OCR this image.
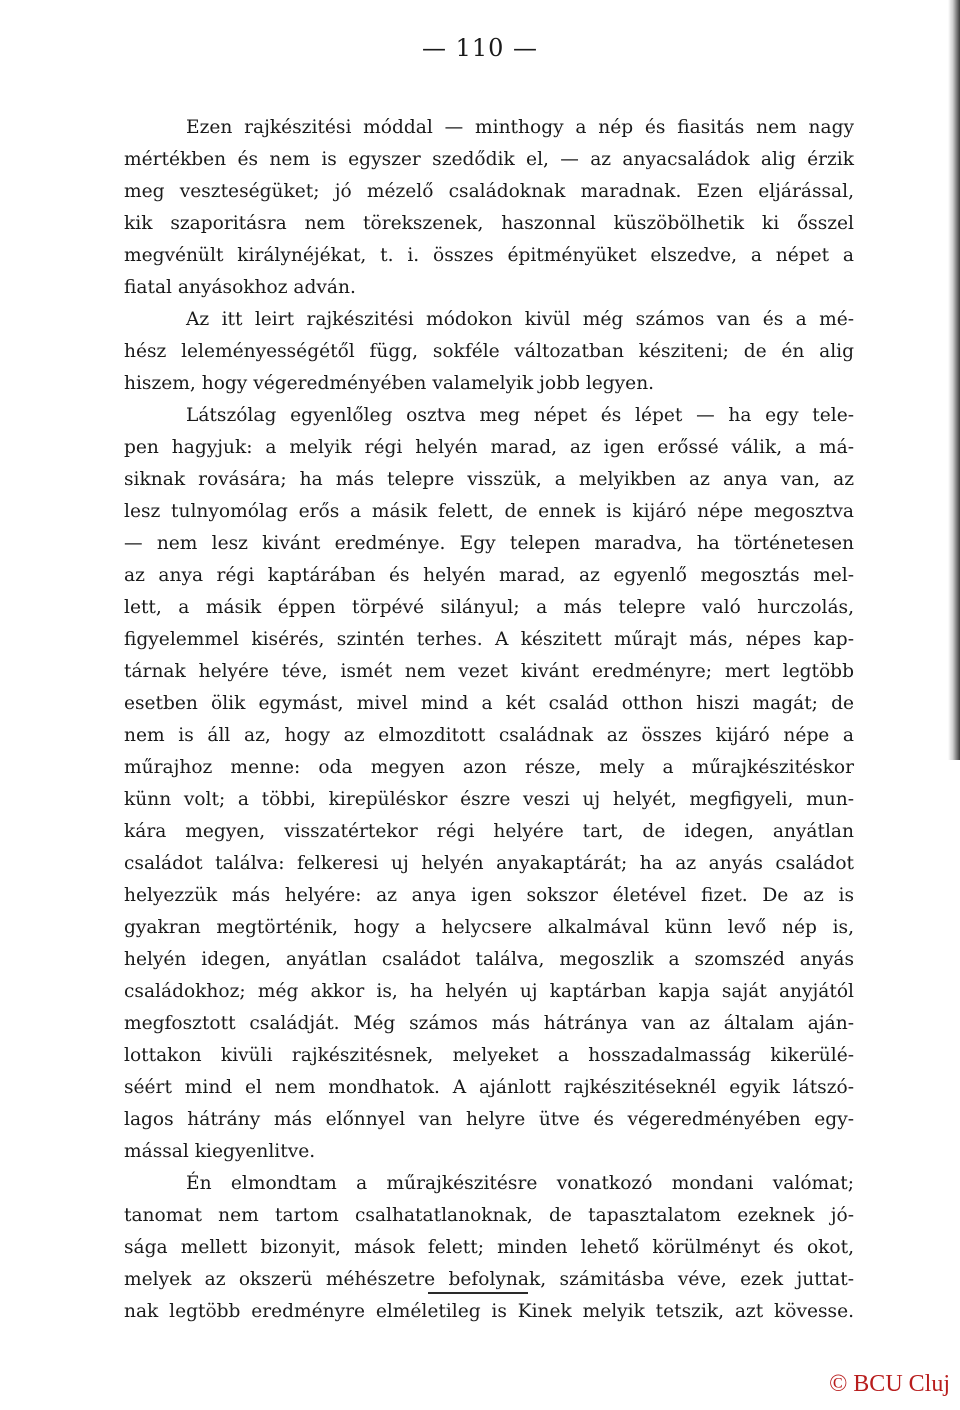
— 110 —
Ezen rajkészitési móddal — minthogy a nép és fiasitás nem nagy
mértékben és nem is egyszer szedődik el, — az anyacsaládok alig érzik
meg veszteségüket; jó mézelő családoknak maradnak. Ezen eljárással,
kik szaporitásra nem törekszenek, haszonnal küszöbölhetik ki ősszel
megvénült királynéjékat, t. i. összes épitményüket elszedve, a népet a
fiatal anyásokhoz adván.
Az itt leirt rajkészitési módokon kivül még számos van és a mé-
hész leleményességétől függ, sokféle változatban késziteni; de én alig
hiszem, hogy végeredményében valamelyik jobb legyen.
Látszólag egyenlőleg osztva meg népet és lépet — ha egy tele-
pen hagyjuk: a melyik régi helyén marad, az igen erőssé válik, a má-
siknak rovására; ha más telepre visszük, a melyikben az anya van, az
lesz tulnyomólag erős a másik felett, de ennek is kijáró népe megosztva
— nem lesz kivánt eredménye. Egy telepen maradva, ha történetesen
az anya régi kaptárában és helyén marad, az egyenlő megosztás mel-
lett, a másik éppen törpévé silányul; a más telepre való hurczolás,
figyelemmel kisérés, szintén terhes. A készitett műrajt más, népes kap-
tárnak helyére téve, ismét nem vezet kivánt eredményre; mert legtöbb
esetben ölik egymást, mivel mind a két család otthon hiszi magát; de
nem is áll az, hogy az elmozditott családnak az összes kijáró népe a
műrajhoz menne: oda megyen azon része, mely a műrajkészitéskor
künn volt; a többi, kirepüléskor észre veszi uj helyét, megfigyeli, mun-
kára megyen, visszatértekor régi helyére tart, de idegen, anyátlan
családot találva: felkeresi uj helyén anyakaptárát; ha az anyás családot
helyezzük más helyére: az anya igen sokszor életével fizet. De az is
gyakran megtörténik, hogy a helycsere alkalmával künn levő nép is,
helyén idegen, anyátlan családot találva, megoszlik a szomszéd anyás
családokhoz; még akkor is, ha helyén uj kaptárban kapja saját anyjától
megfosztott családját. Még számos más hátránya van az általam aján-
lottakon kivüli rajkészitésnek, melyeket a hosszadalmasság kikerülé-
séért mind el nem mondhatok. A ajánlott rajkészitéseknél egyik látszó-
lagos hátrány más előnnyel van helyre ütve és végeredményében egy-
mással kiegyenlitve.
Én elmondtam a műrajkészitésre vonatkozó mondani valómat;
tanomat nem tartom csalhatatlanoknak, de tapasztalatom ezeknek jó-
sága mellett bizonyit, mások felett; minden lehető körülményt és okot,
melyek az okszerü méhészetre befolynak, számitásba véve, ezek juttat-
nak legtöbb eredményre elméletileg is Kinek melyik tetszik, azt kövesse.
© BCU Cluj
